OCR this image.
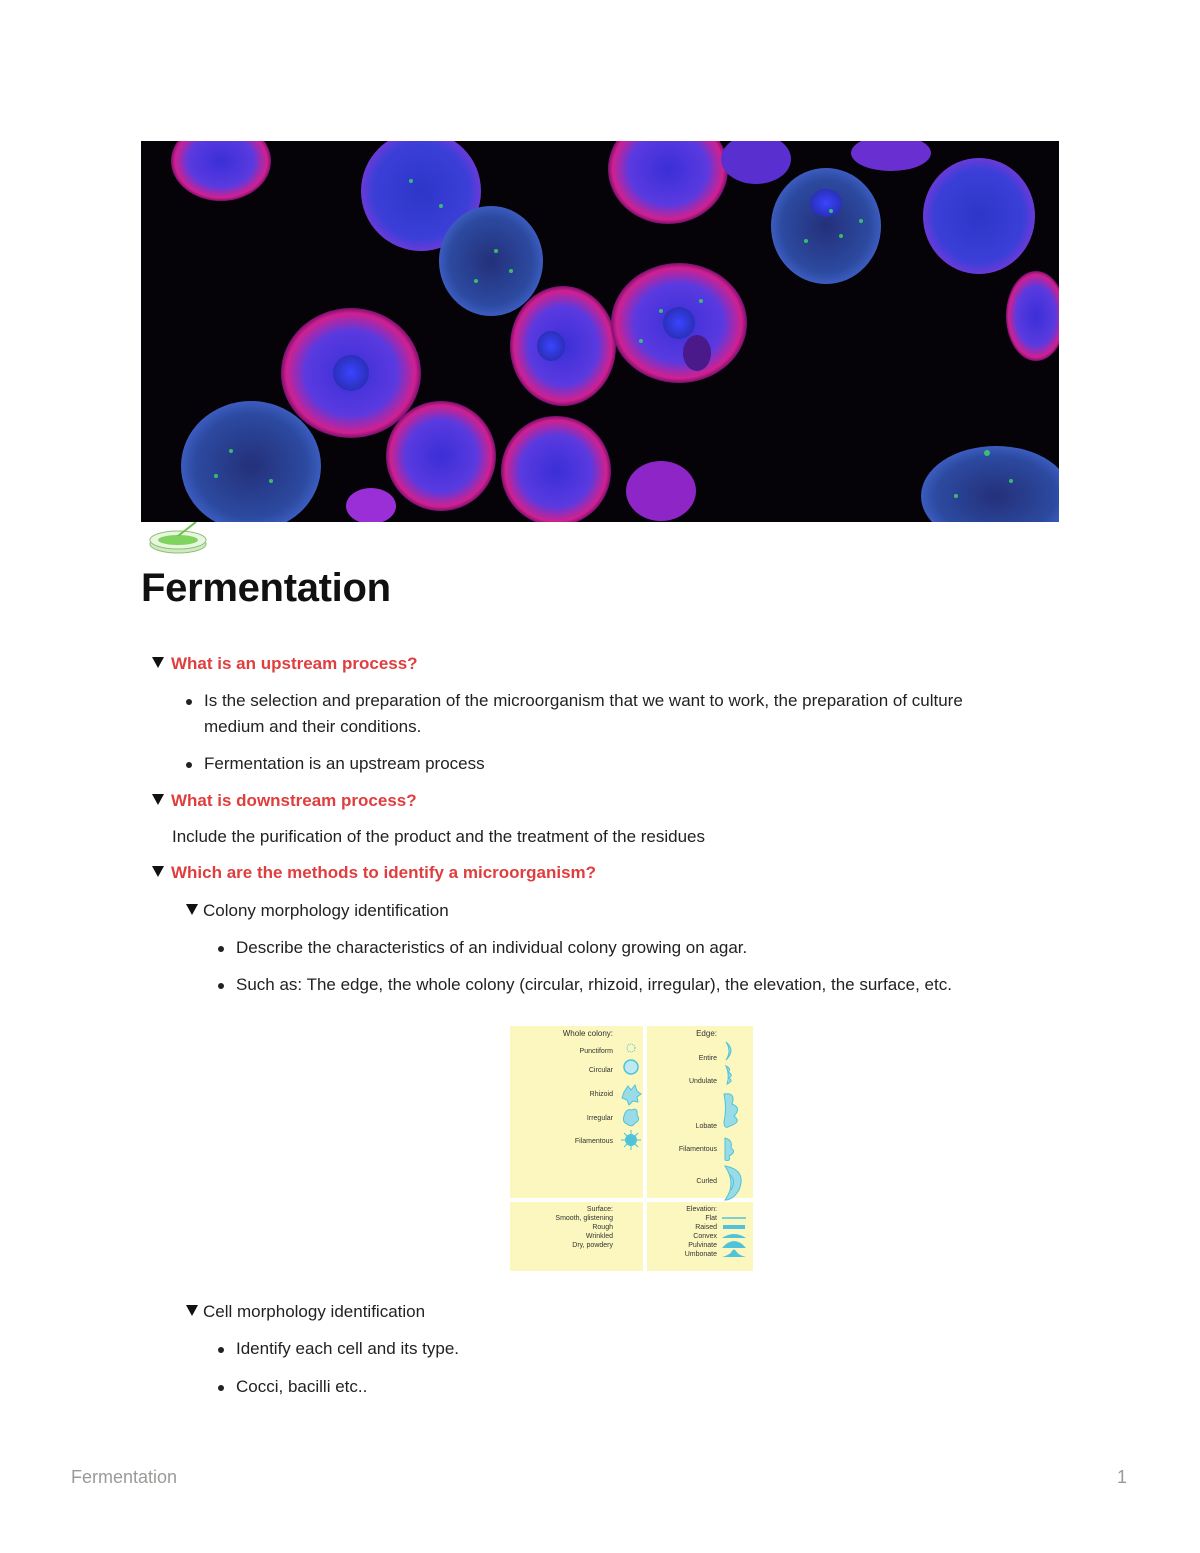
Fermentation
What is an upstream process?
Is the selection and preparation of the microorganism that we want to work, the preparation of culture
medium and their conditions.
Fermentation is an upstream process
What is downstream process?
Include the purification of the product and the treatment of the residues
Which are the methods to identify a microorganism?
Colony morphology identification
Describe the characteristics of an individual colony growing on agar.
Such as: The edge, the whole colony (circular, rhizoid, irregular), the elevation, the surface, etc.
Whole colony:
Punctiform
Circular
Rhizoid
Irregular
Filamentous
Edge:
Entire
Undulate
Lobate
Filamentous
Curled
Surface:
Smooth, glistening
Rough
Wrinkled
Dry, powdery
Elevation:
Flat
Raised
Convex
Pulvinate
Umbonate
Cell morphology identification
Identify each cell and its type.
Cocci, bacilli etc..
Fermentation	1
